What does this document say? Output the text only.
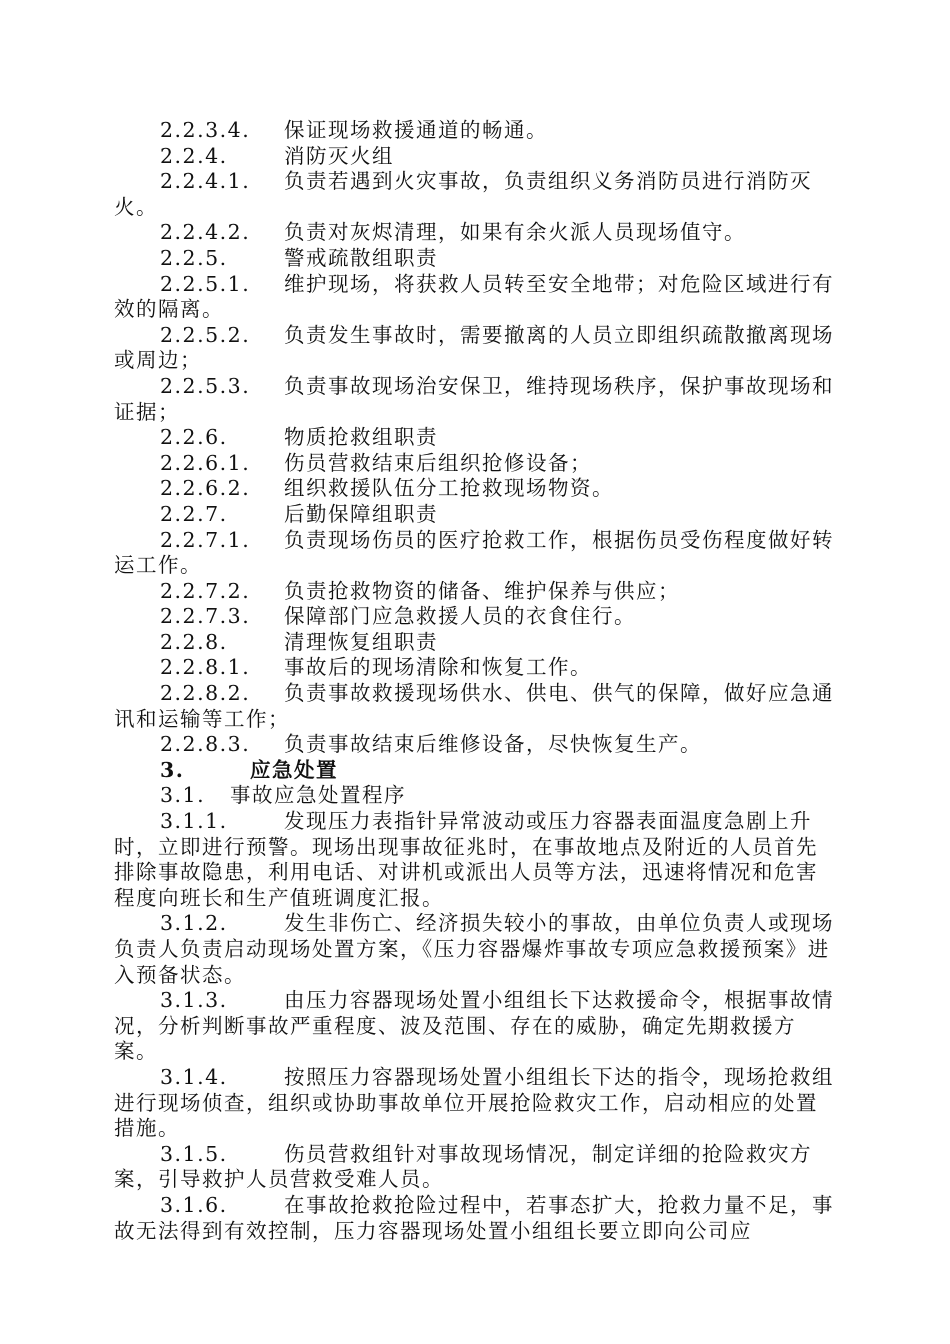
2.2.3.4. 保证现场救援通道的畅通。

2.2.4.	消防灭火组

2.2.4.1. 负责若遇到火灾事故，负责组织义务消防员进行消防灭火。

2.2.4.2. 负责对灰烬清理，如果有余火派人员现场值守。

2.2.5.	警戒疏散组职责

2.2.5.1. 维护现场，将获救人员转至安全地带；对危险区域进行有效的隔离。

2.2.5.2. 负责发生事故时，需要撤离的人员立即组织疏散撤离现场或周边；

2.2.5.3. 负责事故现场治安保卫，维持现场秩序，保护事故现场和证据；

2.2.6.	物质抢救组职责

2.2.6.1. 伤员营救结束后组织抢修设备；

2.2.6.2. 组织救援队伍分工抢救现场物资。

2.2.7.	后勤保障组职责

2.2.7.1. 负责现场伤员的医疗抢救工作，根据伤员受伤程度做好转运工作。

2.2.7.2. 负责抢救物资的储备、维护保养与供应；

2.2.7.3. 保障部门应急救援人员的衣食住行。

2.2.8.	清理恢复组职责

2.2.8.1. 事故后的现场清除和恢复工作。

2.2.8.2. 负责事故救援现场供水、供电、供气的保障，做好应急通讯和运输等工作；

2.2.8.3. 负责事故结束后维修设备，尽快恢复生产。

3.	应急处置

3.1. 事故应急处置程序

3.1.1.	发现压力表指针异常波动或压力容器表面温度急剧上升时，立即进行预警。现场出现事故征兆时，在事故地点及附近的人员首先排除事故隐患，利用电话、对讲机或派出人员等方法，迅速将情况和危害程度向班长和生产值班调度汇报。

3.1.2.	发生非伤亡、经济损失较小的事故，由单位负责人或现场负责人负责启动现场处置方案，《压力容器爆炸事故专项应急救援预案》进入预备状态。

3.1.3.	由压力容器现场处置小组组长下达救援命令，根据事故情况，分析判断事故严重程度、波及范围、存在的威胁，确定先期救援方案。

3.1.4.	按照压力容器现场处置小组组长下达的指令，现场抢救组进行现场侦查，组织或协助事故单位开展抢险救灾工作，启动相应的处置措施。

3.1.5.	伤员营救组针对事故现场情况，制定详细的抢险救灾方案，引导救护人员营救受难人员。

3.1.6.	在事故抢救抢险过程中，若事态扩大，抢救力量不足，事故无法得到有效控制，压力容器现场处置小组组长要立即向公司应
